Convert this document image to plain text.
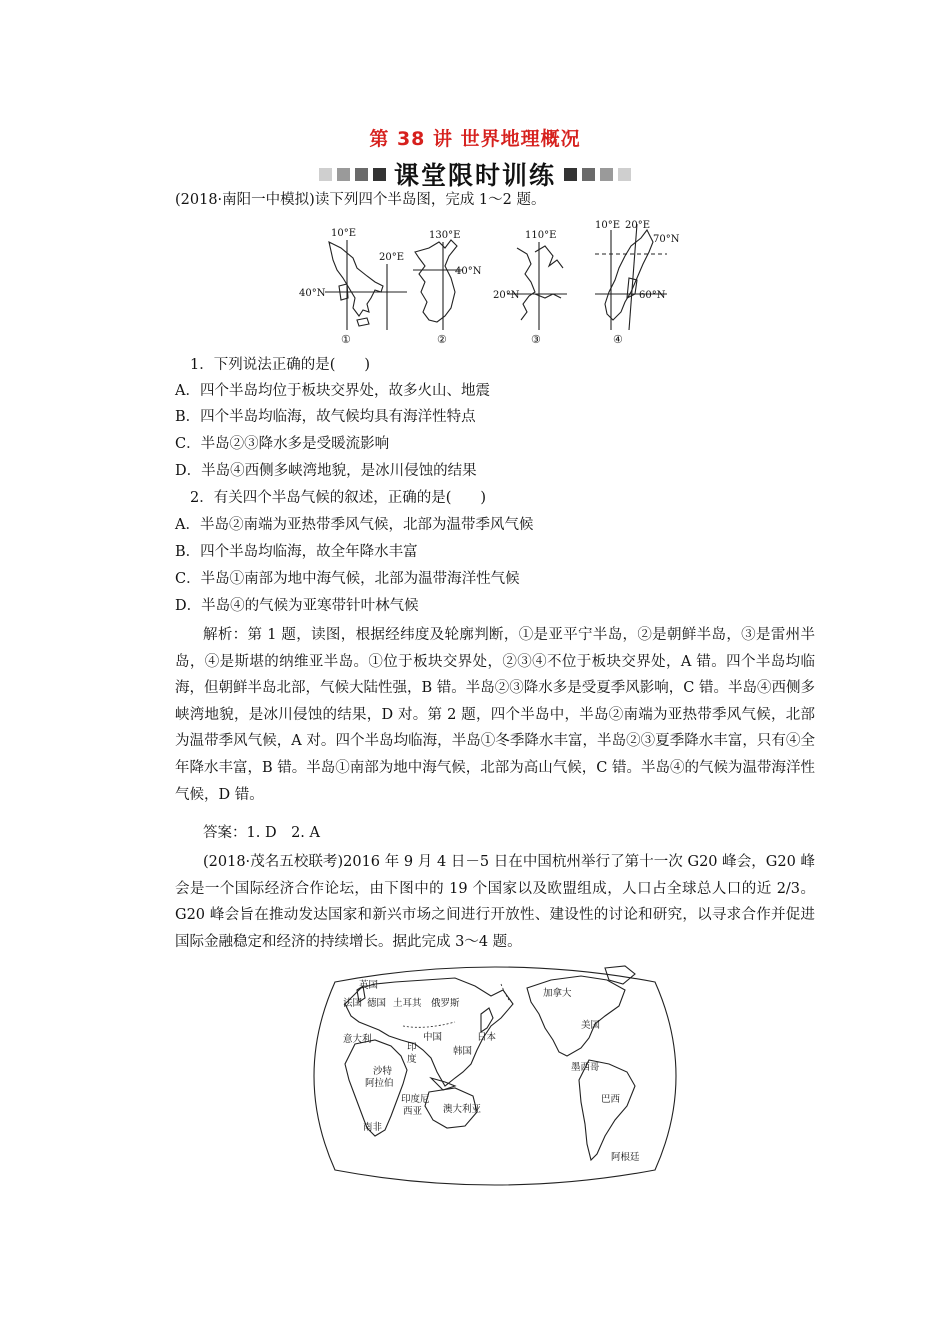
第 38 讲 世界地理概况
课堂限时训练
(2018·南阳一中模拟)读下列四个半岛图，完成 1～2 题。
10°E
20°E
40°N
①
130°E
40°N
②
110°E
20°N
③
10°E 20°E
70°N
60°N
④
1．下列说法正确的是(　　)
A．四个半岛均位于板块交界处，故多火山、地震
B．四个半岛均临海，故气候均具有海洋性特点
C．半岛②③降水多是受暖流影响
D．半岛④西侧多峡湾地貌，是冰川侵蚀的结果
2．有关四个半岛气候的叙述，正确的是(　　)
A．半岛②南端为亚热带季风气候，北部为温带季风气候
B．四个半岛均临海，故全年降水丰富
C．半岛①南部为地中海气候，北部为温带海洋性气候
D．半岛④的气候为亚寒带针叶林气候
解析：第 1 题，读图，根据经纬度及轮廓判断，①是亚平宁半岛，②是朝鲜半岛，③是雷州半岛，④是斯堪的纳维亚半岛。①位于板块交界处，②③④不位于板块交界处，A 错。四个半岛均临海，但朝鲜半岛北部，气候大陆性强，B 错。半岛②③降水多是受夏季风影响，C 错。半岛④西侧多峡湾地貌，是冰川侵蚀的结果，D 对。第 2 题，四个半岛中，半岛②南端为亚热带季风气候，北部为温带季风气候，A 对。四个半岛均临海，半岛①冬季降水丰富，半岛②③夏季降水丰富，只有④全年降水丰富，B 错。半岛①南部为地中海气候，北部为高山气候，C 错。半岛④的气候为温带海洋性气候，D 错。
答案：1. D　2. A
(2018·茂名五校联考)2016 年 9 月 4 日－5 日在中国杭州举行了第十一次 G20 峰会，G20 峰会是一个国际经济合作论坛，由下图中的 19 个国家以及欧盟组成，人口占全球总人口的近 2/3。G20 峰会旨在推动发达国家和新兴市场之间进行开放性、建设性的讨论和研究，以寻求合作并促进国际金融稳定和经济的持续增长。据此完成 3～4 题。
英国
法国 德国 土耳其 俄罗斯
加拿大
中国	日本
意大利
印
度
韩国
美国
沙特
阿拉伯
墨西哥
印度尼
西亚 澳大利亚
巴西
南非
阿根廷
